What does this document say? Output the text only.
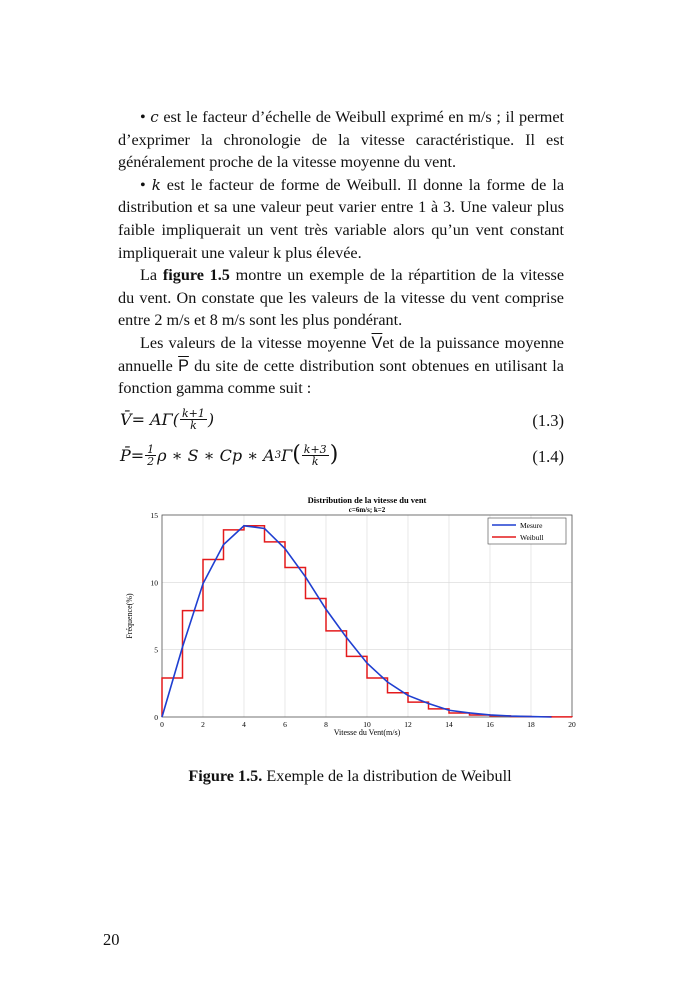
• c est le facteur d’échelle de Weibull exprimé en m/s ; il permet d’exprimer la chronologie de la vitesse caractéristique. Il est généralement proche de la vitesse moyenne du vent.

• k est le facteur de forme de Weibull. Il donne la forme de la distribution et sa une valeur peut varier entre 1 à 3. Une valeur plus faible impliquerait un vent très variable alors qu’un vent constant impliquerait une valeur k plus élevée.

La figure 1.5 montre un exemple de la répartition de la vitesse du vent. On constate que les valeurs de la vitesse du vent comprise entre 2 m/s et 8 m/s sont les plus pondérant.

Les valeurs de la vitesse moyenne $\overline{V}et$ de la puissance moyenne annuelle $\overline{P}$ du site de cette distribution sont obtenues en utilisant la fonction gamma comme suit :

V̄ = $A\Gamma( \frac{k+1}{k}$ )	(1.3)
P̄ = $\frac{1}{2}$ ρ ∗ S ∗ Cp ∗ A 3 Γ ( $\frac{k+3}{k}$ )	(1.4)
0	2	4	6	8	10	12	14	16	18	20
0
5
10
15
Distribution de la vitesse du vent
c=6m/s; k=2
Vitesse du Vent(m/s)
Fréquence(%)
Mesure
Weibull
Figure 1.5. Exemple de la distribution de Weibull
20
